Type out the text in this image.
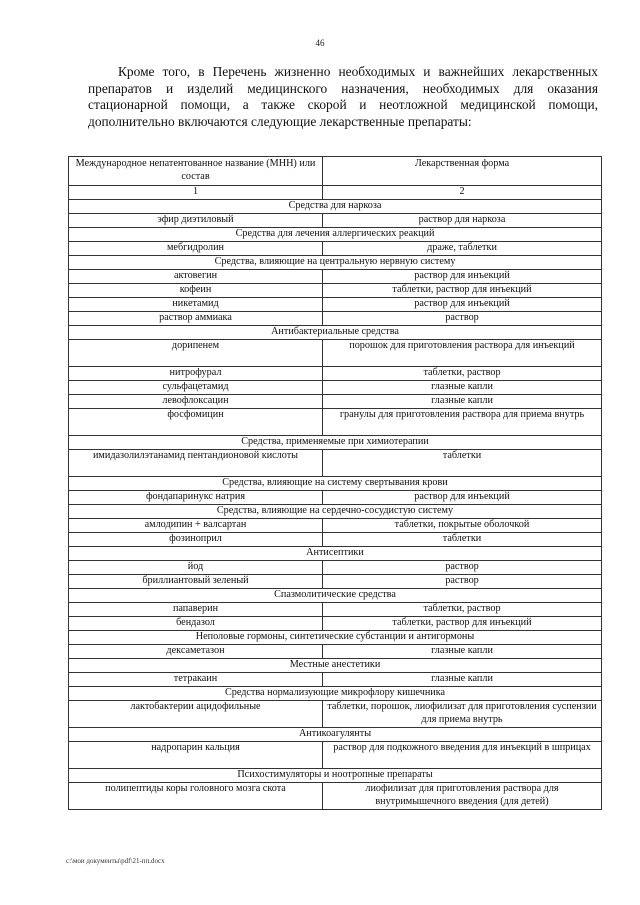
46

Кроме того, в Перечень жизненно необходимых и важнейших лекарственных препаратов и изделий медицинского назначения, необходимых для оказания стационарной помощи, а также скорой и неотложной медицинской помощи, дополнительно включаются следующие лекарственные препараты:

Международное непатентованное название (МНН) или состав	Лекарственная форма
1	2
Средства для наркоза	
эфир диэтиловый	раствор для наркоза
Средства для лечения аллергических реакций	
мебгидролин	драже, таблетки
Средства, влияющие на центральную нервную систему	
актовегин	раствор для инъекций
кофеин	таблетки, раствор для инъекций
никетамид	раствор для инъекций
раствор аммиака	раствор
Антибактериальные средства	
дорипенем	порошок для приготовления раствора для инъекций
нитрофурал	таблетки, раствор
сульфацетамид	глазные капли
левофлоксацин	глазные капли
фосфомицин	гранулы для приготовления раствора для приема внутрь
Средства, применяемые при химиотерапии	
имидазолилэтанамид пентандионовой кислоты	таблетки
Средства, влияющие на систему свертывания крови	
фондапаринукс натрия	раствор для инъекций
Средства, влияющие на сердечно-сосудистую систему	
амлодипин + валсартан	таблетки, покрытые оболочкой
фозиноприл	таблетки
Антисептики	
йод	раствор
бриллиантовый зеленый	раствор
Спазмолитические средства	
папаверин	таблетки, раствор
бендазол	таблетки, раствор для инъекций
Неполовые гормоны, синтетические субстанции и антигормоны	
дексаметазон	глазные капли
Местные анестетики	
тетракаин	глазные капли
Средства нормализующие микрофлору кишечника	
лактобактерии ацидофильные	таблетки, порошок, лиофилизат для приготовления суспензии для приема внутрь
Антикоагулянты	
надропарин кальция	раствор для подкожного введения для инъекций в шприцах
Психостимуляторы и ноотропные препараты	
полипептиды коры головного мозга скота	лиофилизат для приготовления раствора для внутримышечного введения (для детей)
c:\мои документы\pdf\21-пп.docx
